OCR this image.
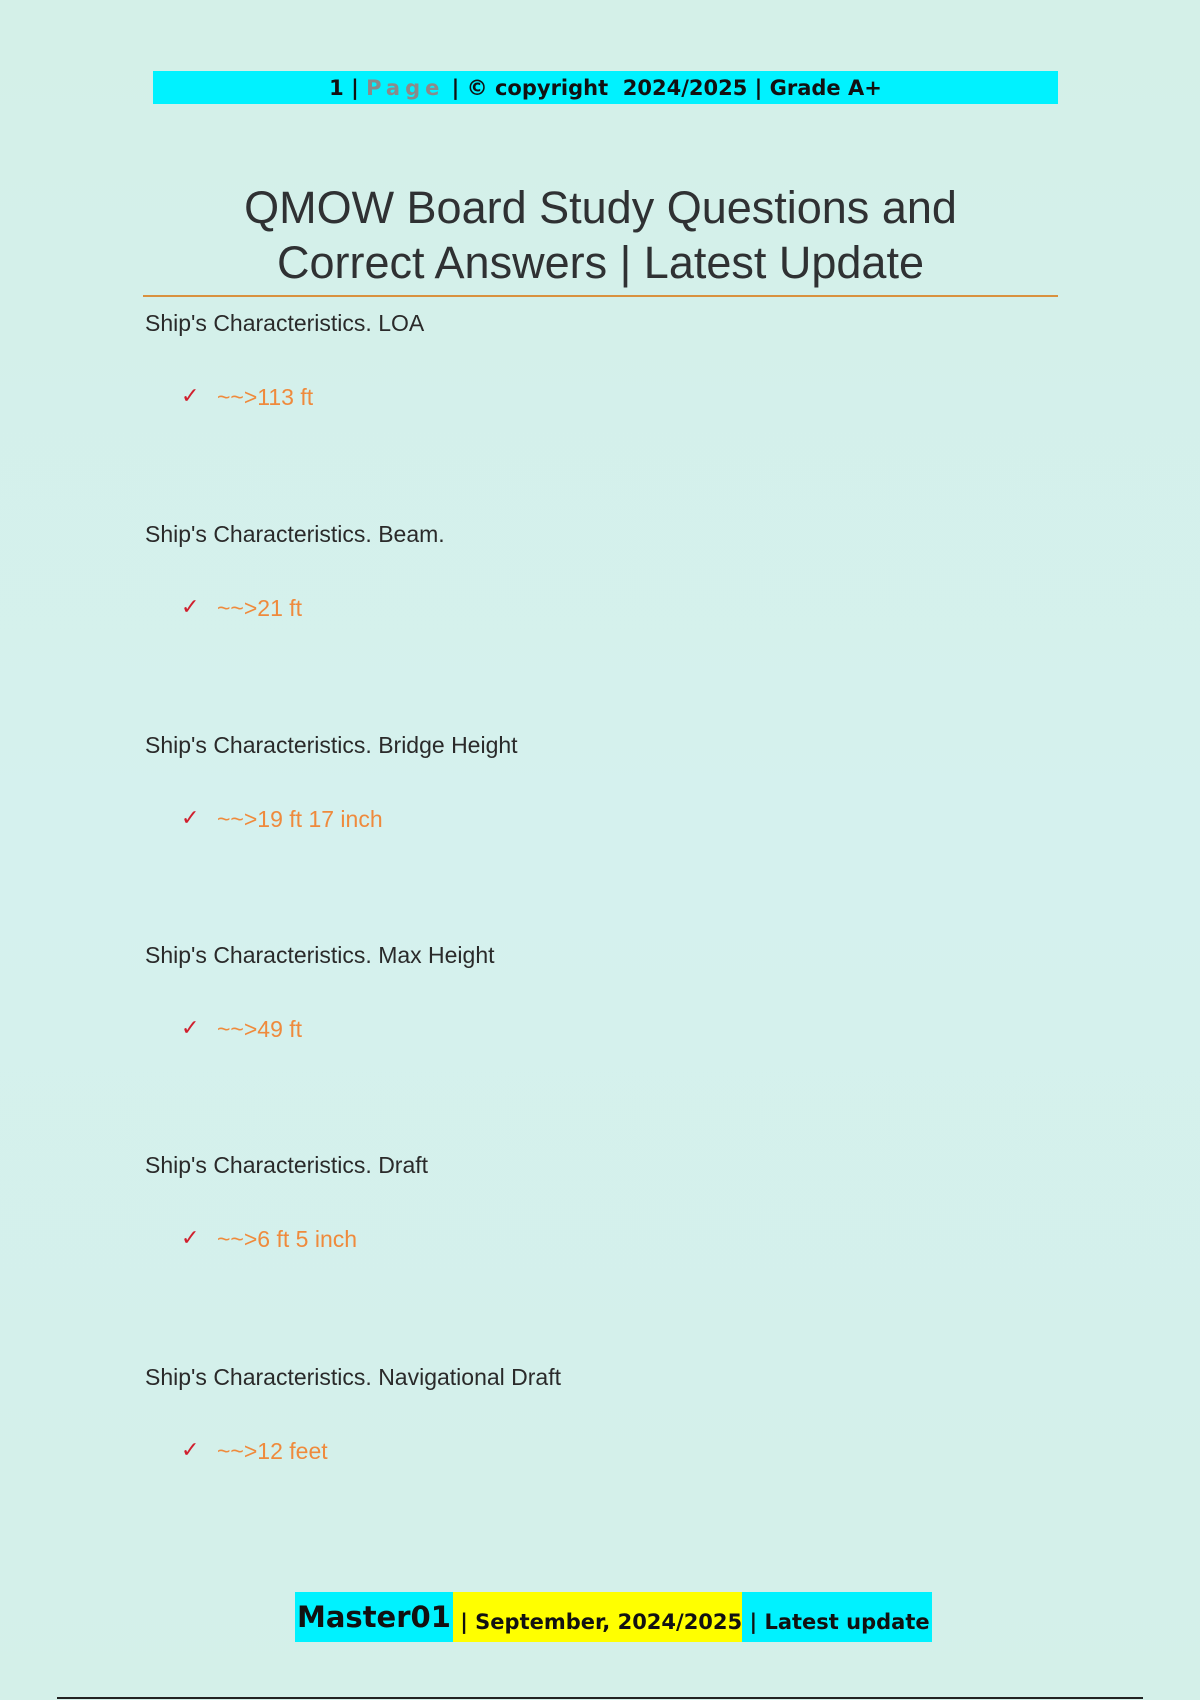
1 | Page | © copyright  2024/2025 | Grade A+
QMOW Board Study Questions and
Correct Answers | Latest Update
Ship's Characteristics. LOA
✓ ~~>113 ft
Ship's Characteristics. Beam.
✓ ~~>21 ft
Ship's Characteristics. Bridge Height
✓ ~~>19 ft 17 inch
Ship's Characteristics. Max Height
✓ ~~>49 ft
Ship's Characteristics. Draft
✓ ~~>6 ft 5 inch
Ship's Characteristics. Navigational Draft
✓ ~~>12 feet
Master01 | September, 2024/2025 | Latest update
